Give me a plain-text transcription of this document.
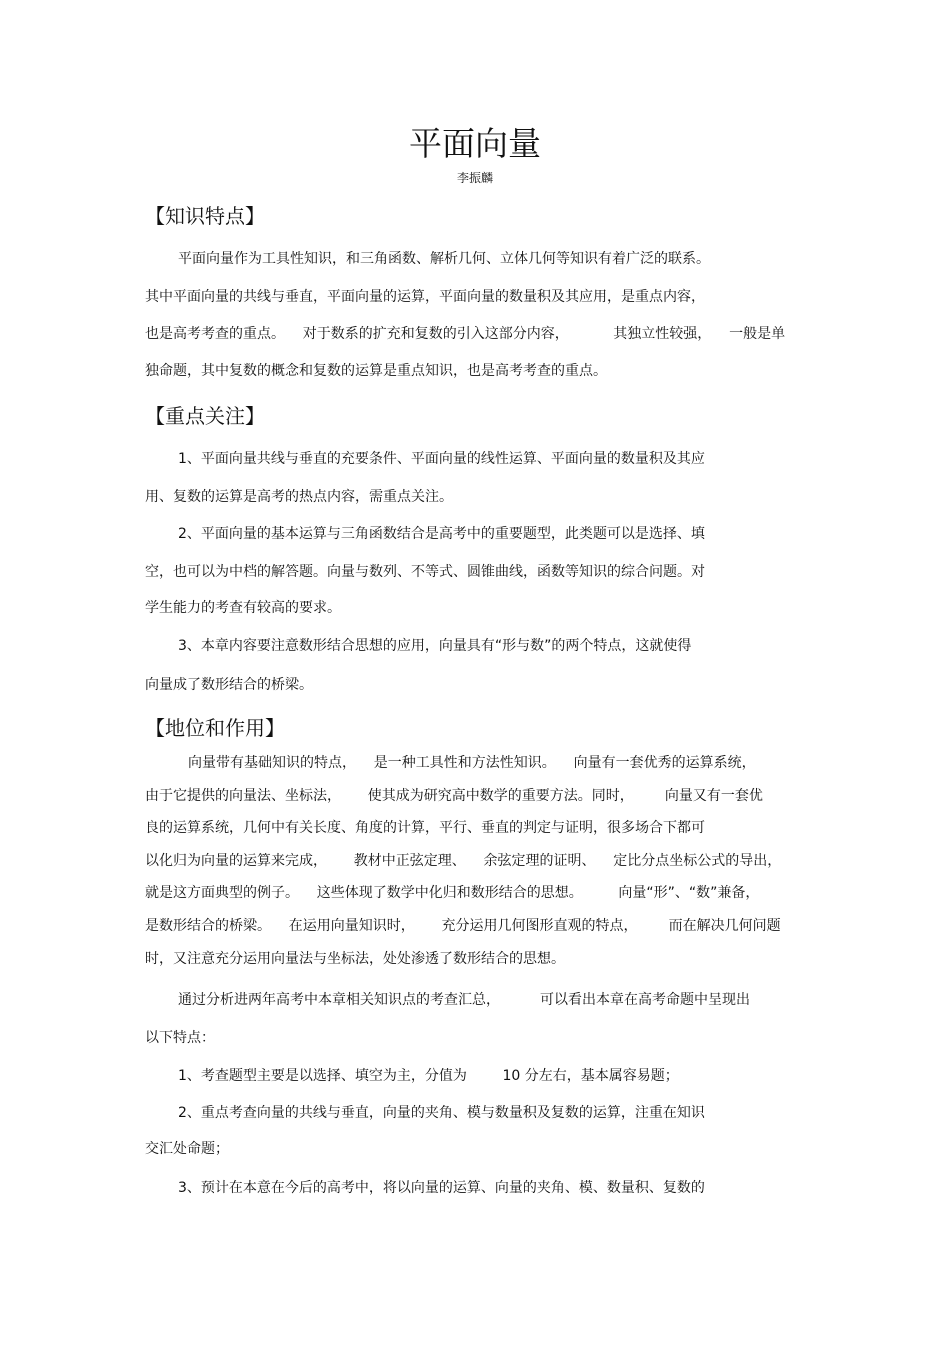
平面向量
李振麟
【知识特点】
平面向量作为工具性知识，和三角函数、解析几何、立体几何等知识有着广泛的联系。
其中平面向量的共线与垂直，平面向量的运算，平面向量的数量积及其应用，是重点内容，
也是高考考查的重点。    对于数系的扩充和复数的引入这部分内容，          其独立性较强，    一般是单
独命题，其中复数的概念和复数的运算是重点知识，也是高考考查的重点。
【重点关注】
1、平面向量共线与垂直的充要条件、平面向量的线性运算、平面向量的数量积及其应
用、复数的运算是高考的热点内容，需重点关注。
2、平面向量的基本运算与三角函数结合是高考中的重要题型，此类题可以是选择、填
空，也可以为中档的解答题。向量与数列、不等式、圆锥曲线，函数等知识的综合问题。对
学生能力的考查有较高的要求。
3、本章内容要注意数形结合思想的应用，向量具有“形与数”的两个特点，这就使得
向量成了数形结合的桥梁。
【地位和作用】
向量带有基础知识的特点，    是一种工具性和方法性知识。    向量有一套优秀的运算系统，
由于它提供的向量法、坐标法，      使其成为研究高中数学的重要方法。同时，       向量又有一套优
良的运算系统，几何中有关长度、角度的计算，平行、垂直的判定与证明，很多场合下都可
以化归为向量的运算来完成，      教材中正弦定理、    余弦定理的证明、    定比分点坐标公式的导出，
就是这方面典型的例子。    这些体现了数学中化归和数形结合的思想。        向量“形”、“数”兼备，
是数形结合的桥梁。    在运用向量知识时，      充分运用几何图形直观的特点，       而在解决几何问题
时，又注意充分运用向量法与坐标法，处处渗透了数形结合的思想。
通过分析进两年高考中本章相关知识点的考查汇总，         可以看出本章在高考命题中呈现出
以下特点：
1、考查题型主要是以选择、填空为主，分值为        10 分左右，基本属容易题；
2、重点考查向量的共线与垂直，向量的夹角、模与数量积及复数的运算，注重在知识
交汇处命题；
3、预计在本意在今后的高考中，将以向量的运算、向量的夹角、模、数量积、复数的
